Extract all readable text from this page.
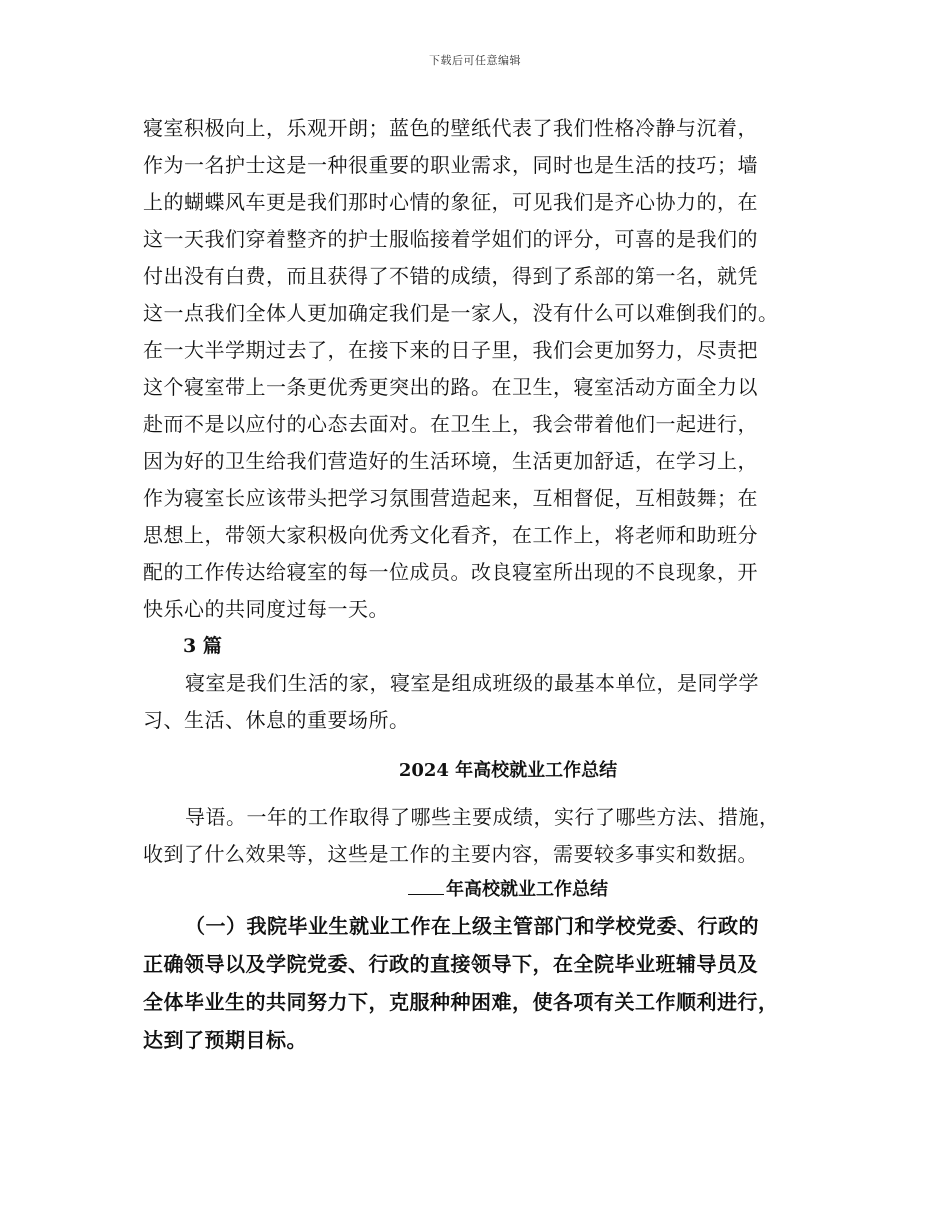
下载后可任意编辑
寝室积极向上，乐观开朗；蓝色的壁纸代表了我们性格冷静与沉着，
作为一名护士这是一种很重要的职业需求，同时也是生活的技巧；墙
上的蝴蝶风车更是我们那时心情的象征，可见我们是齐心协力的，在
这一天我们穿着整齐的护士服临接着学姐们的评分，可喜的是我们的
付出没有白费，而且获得了不错的成绩，得到了系部的第一名，就凭
这一点我们全体人更加确定我们是一家人，没有什么可以难倒我们的。
在一大半学期过去了，在接下来的日子里，我们会更加努力，尽责把
这个寝室带上一条更优秀更突出的路。在卫生，寝室活动方面全力以
赴而不是以应付的心态去面对。在卫生上，我会带着他们一起进行，
因为好的卫生给我们营造好的生活环境，生活更加舒适，在学习上，
作为寝室长应该带头把学习氛围营造起来，互相督促，互相鼓舞；在
思想上，带领大家积极向优秀文化看齐，在工作上，将老师和助班分
配的工作传达给寝室的每一位成员。改良寝室所出现的不良现象，开
快乐心的共同度过每一天。
3 篇
寝室是我们生活的家，寝室是组成班级的最基本单位，是同学学
习、生活、休息的重要场所。
2024 年高校就业工作总结
导语。一年的工作取得了哪些主要成绩，实行了哪些方法、措施，
收到了什么效果等，这些是工作的主要内容，需要较多事实和数据。
年高校就业工作总结
（一）我院毕业生就业工作在上级主管部门和学校党委、行政的
正确领导以及学院党委、行政的直接领导下，在全院毕业班辅导员及
全体毕业生的共同努力下，克服种种困难，使各项有关工作顺利进行，
达到了预期目标。
